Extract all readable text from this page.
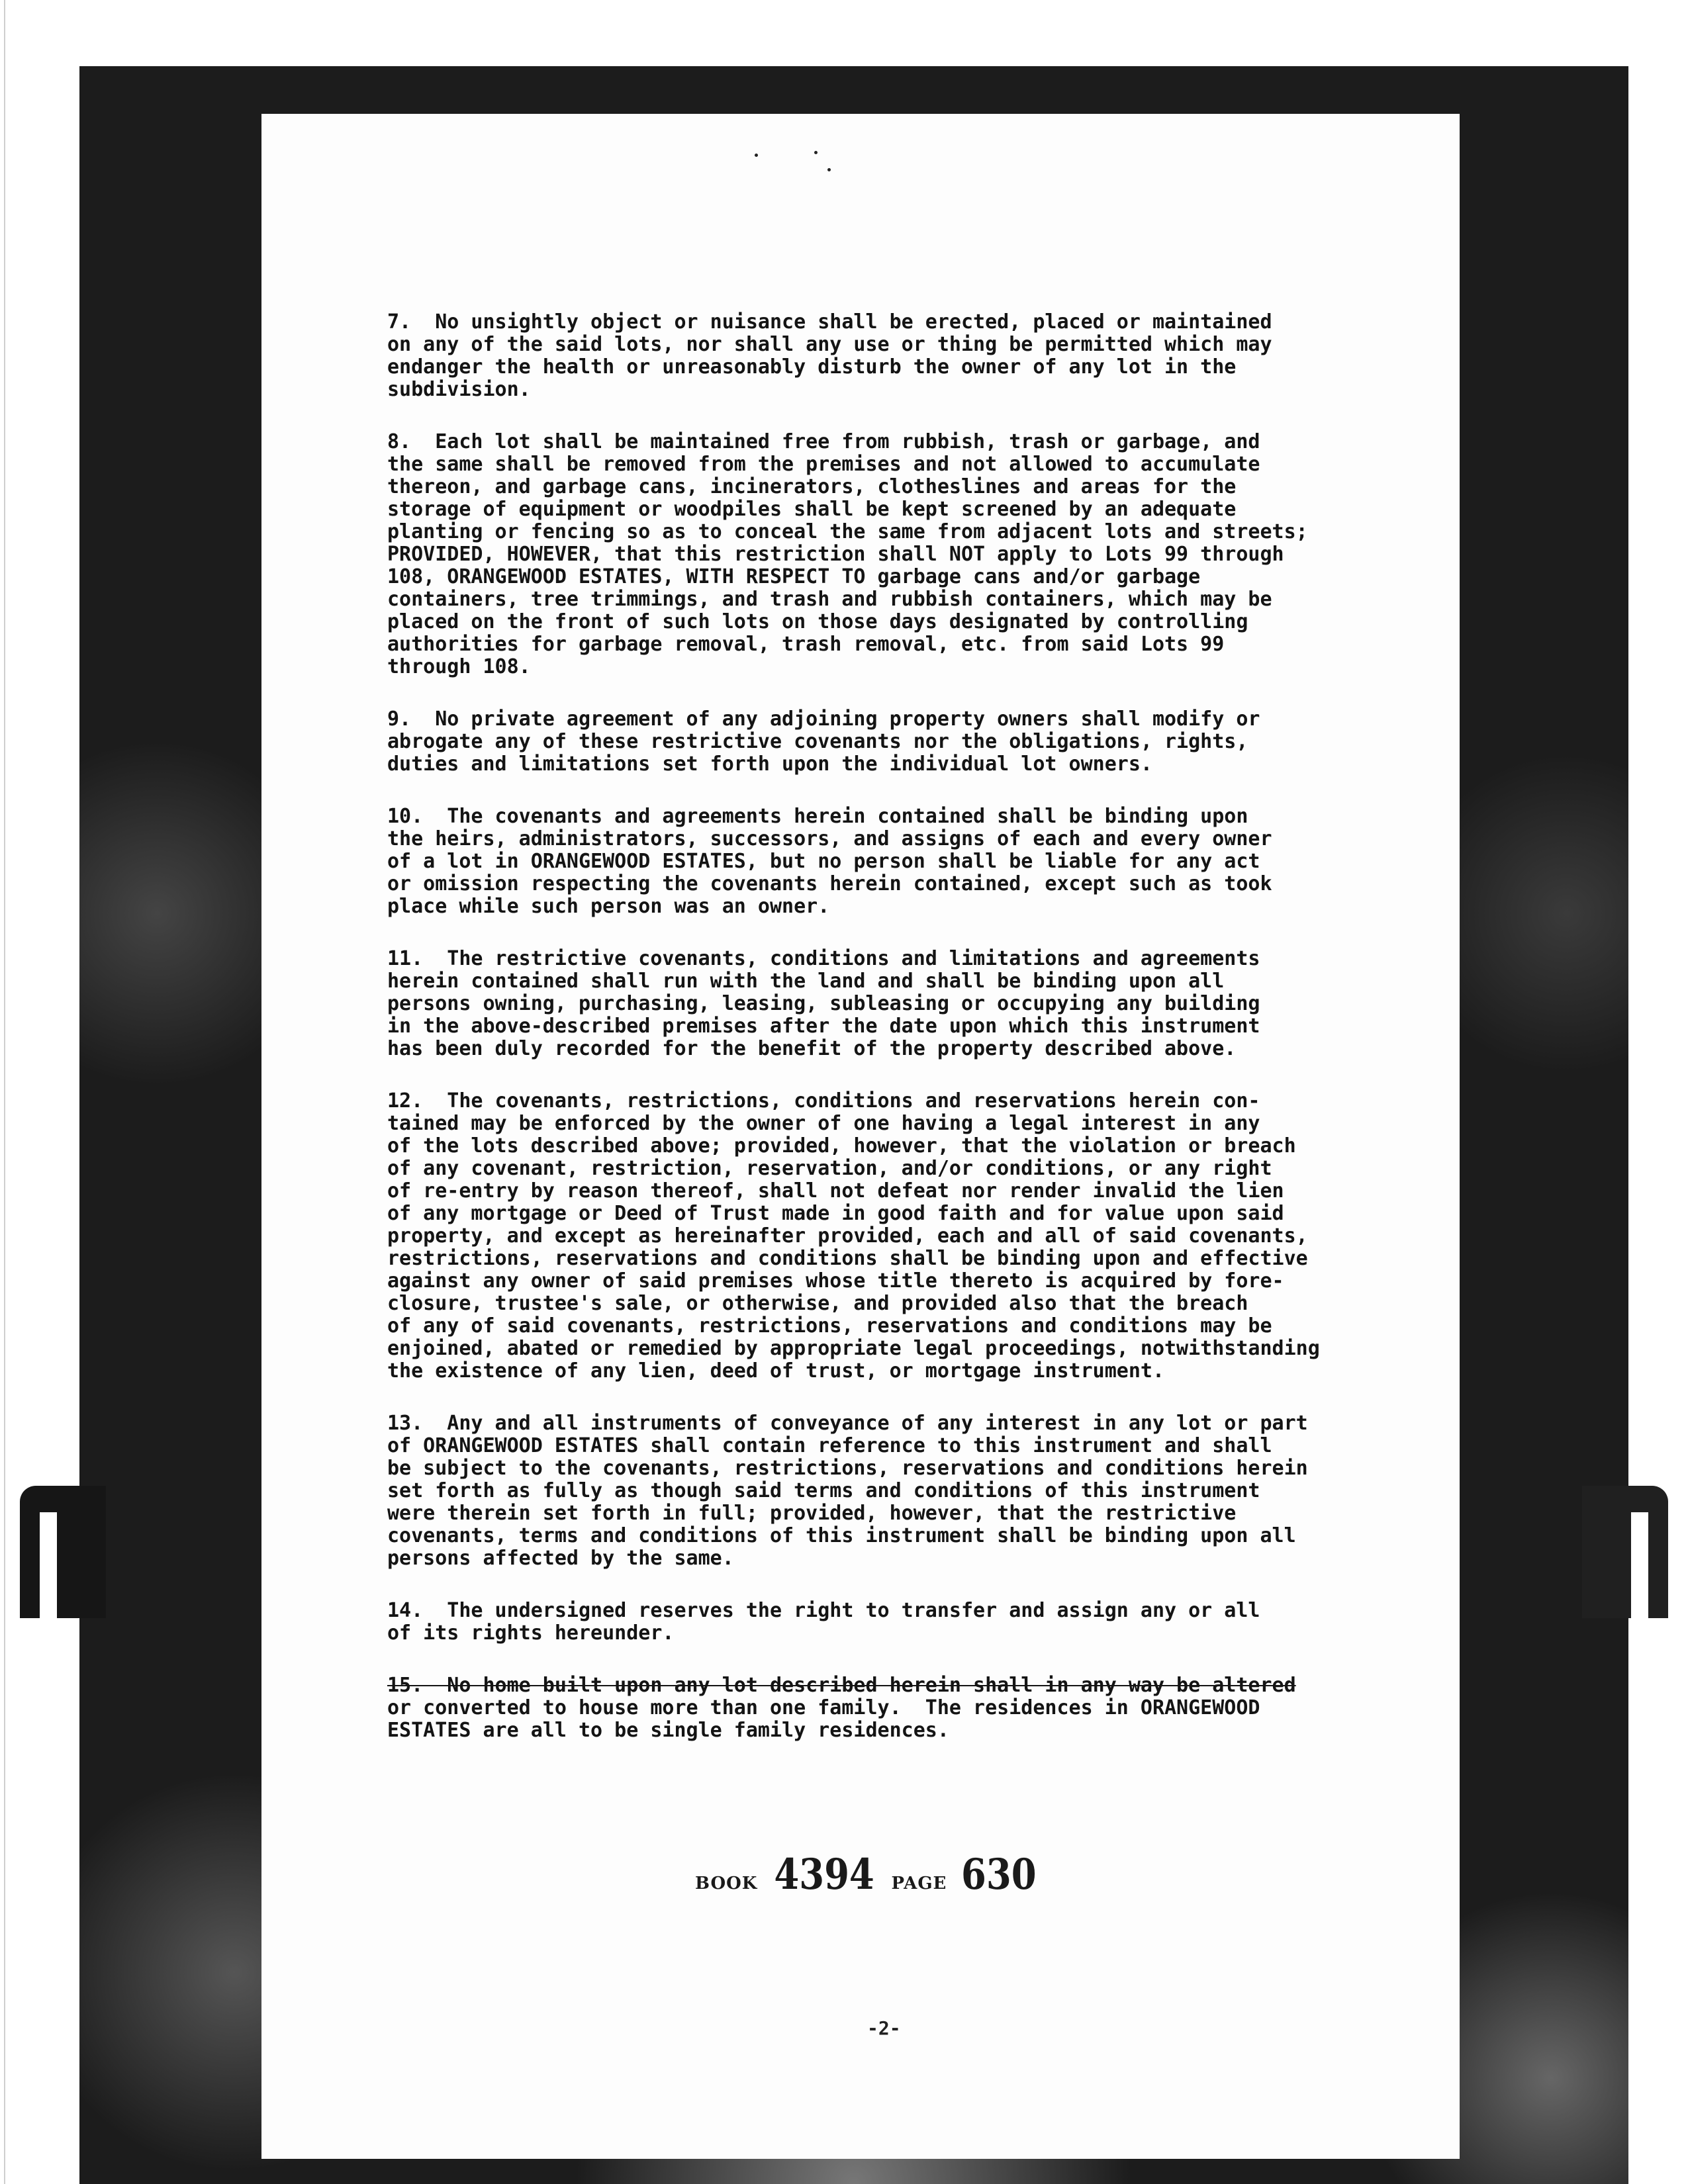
7.  No unsightly object or nuisance shall be erected, placed or maintained
on any of the said lots, nor shall any use or thing be permitted which may
endanger the health or unreasonably disturb the owner of any lot in the
subdivision.
8.  Each lot shall be maintained free from rubbish, trash or garbage, and
the same shall be removed from the premises and not allowed to accumulate
thereon, and garbage cans, incinerators, clotheslines and areas for the
storage of equipment or woodpiles shall be kept screened by an adequate
planting or fencing so as to conceal the same from adjacent lots and streets;
PROVIDED, HOWEVER, that this restriction shall NOT apply to Lots 99 through
108, ORANGEWOOD ESTATES, WITH RESPECT TO garbage cans and/or garbage
containers, tree trimmings, and trash and rubbish containers, which may be
placed on the front of such lots on those days designated by controlling
authorities for garbage removal, trash removal, etc. from said Lots 99
through 108.
9.  No private agreement of any adjoining property owners shall modify or
abrogate any of these restrictive covenants nor the obligations, rights,
duties and limitations set forth upon the individual lot owners.
10.  The covenants and agreements herein contained shall be binding upon
the heirs, administrators, successors, and assigns of each and every owner
of a lot in ORANGEWOOD ESTATES, but no person shall be liable for any act
or omission respecting the covenants herein contained, except such as took
place while such person was an owner.
11.  The restrictive covenants, conditions and limitations and agreements
herein contained shall run with the land and shall be binding upon all
persons owning, purchasing, leasing, subleasing or occupying any building
in the above-described premises after the date upon which this instrument
has been duly recorded for the benefit of the property described above.
12.  The covenants, restrictions, conditions and reservations herein con-
tained may be enforced by the owner of one having a legal interest in any
of the lots described above; provided, however, that the violation or breach
of any covenant, restriction, reservation, and/or conditions, or any right
of re-entry by reason thereof, shall not defeat nor render invalid the lien
of any mortgage or Deed of Trust made in good faith and for value upon said
property, and except as hereinafter provided, each and all of said covenants,
restrictions, reservations and conditions shall be binding upon and effective
against any owner of said premises whose title thereto is acquired by fore-
closure, trustee's sale, or otherwise, and provided also that the breach
of any of said covenants, restrictions, reservations and conditions may be
enjoined, abated or remedied by appropriate legal proceedings, notwithstanding
the existence of any lien, deed of trust, or mortgage instrument.
13.  Any and all instruments of conveyance of any interest in any lot or part
of ORANGEWOOD ESTATES shall contain reference to this instrument and shall
be subject to the covenants, restrictions, reservations and conditions herein
set forth as fully as though said terms and conditions of this instrument
were therein set forth in full; provided, however, that the restrictive
covenants, terms and conditions of this instrument shall be binding upon all
persons affected by the same.
14.  The undersigned reserves the right to transfer and assign any or all
of its rights hereunder.
15.  No home built upon any lot described herein shall in any way be altered
or converted to house more than one family.  The residences in ORANGEWOOD
ESTATES are all to be single family residences.
BOOK 4394 PAGE 630
-2-
